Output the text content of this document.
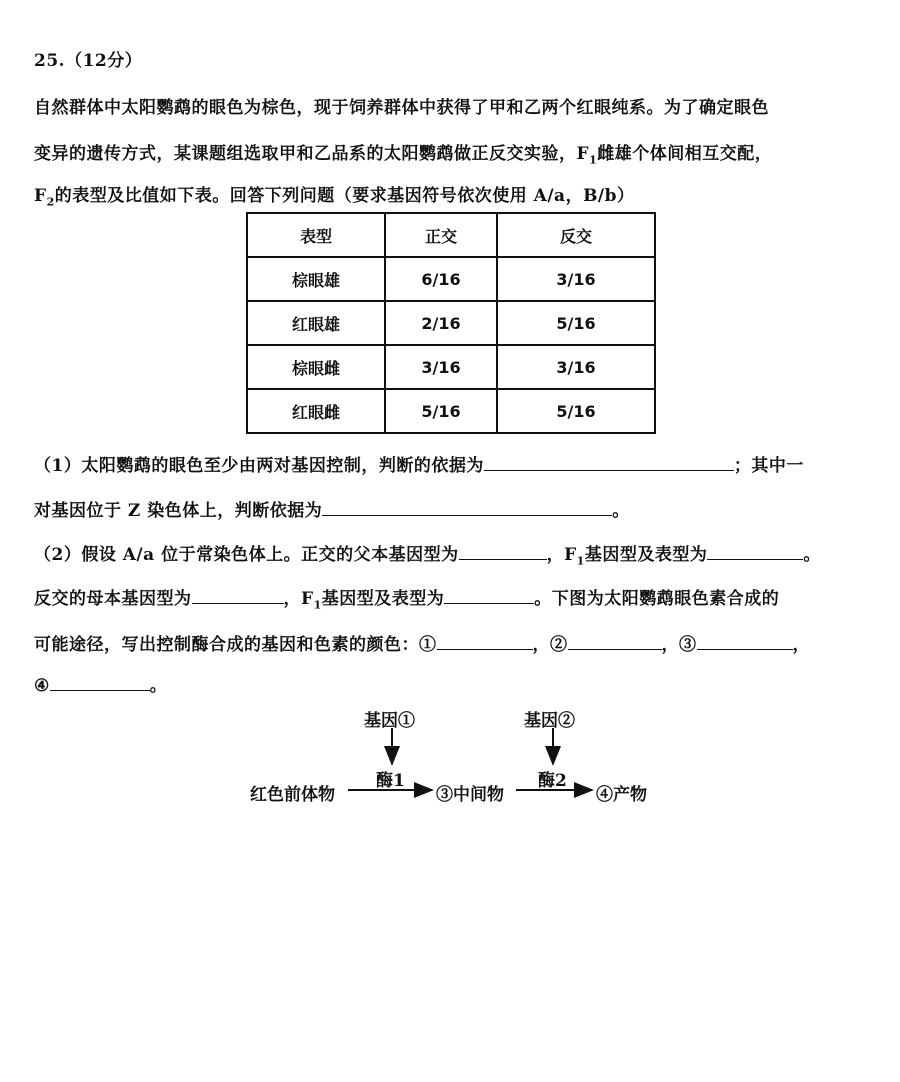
25.（12分）
自然群体中太阳鹦鹉的眼色为棕色，现于饲养群体中获得了甲和乙两个红眼纯系。为了确定眼色
变异的遗传方式，某课题组选取甲和乙品系的太阳鹦鹉做正反交实验，$F_1$雌雄个体间相互交配，
$F_2$的表型及比值如下表。回答下列问题（要求基因符号依次使用 A/a，B/b）
表型	正交	反交
棕眼雄	6/16	3/16
红眼雄	2/16	5/16
棕眼雌	3/16	3/16
红眼雌	5/16	5/16
（1）太阳鹦鹉的眼色至少由两对基因控制，判断的依据为	；其中一
对基因位于 Z 染色体上，判断依据为	。
（2）假设 A/a 位于常染色体上。正交的父本基因型为	，$F_1$基因型及表型为	。
反交的母本基因型为	，$F_1$基因型及表型为	。下图为太阳鹦鹉眼色素合成的
可能途径，写出控制酶合成的基因和色素的颜色：①	，②	，③	，
④	。
基因①	基因②
酶1	酶2
红色前体物	③中间物	④产物
